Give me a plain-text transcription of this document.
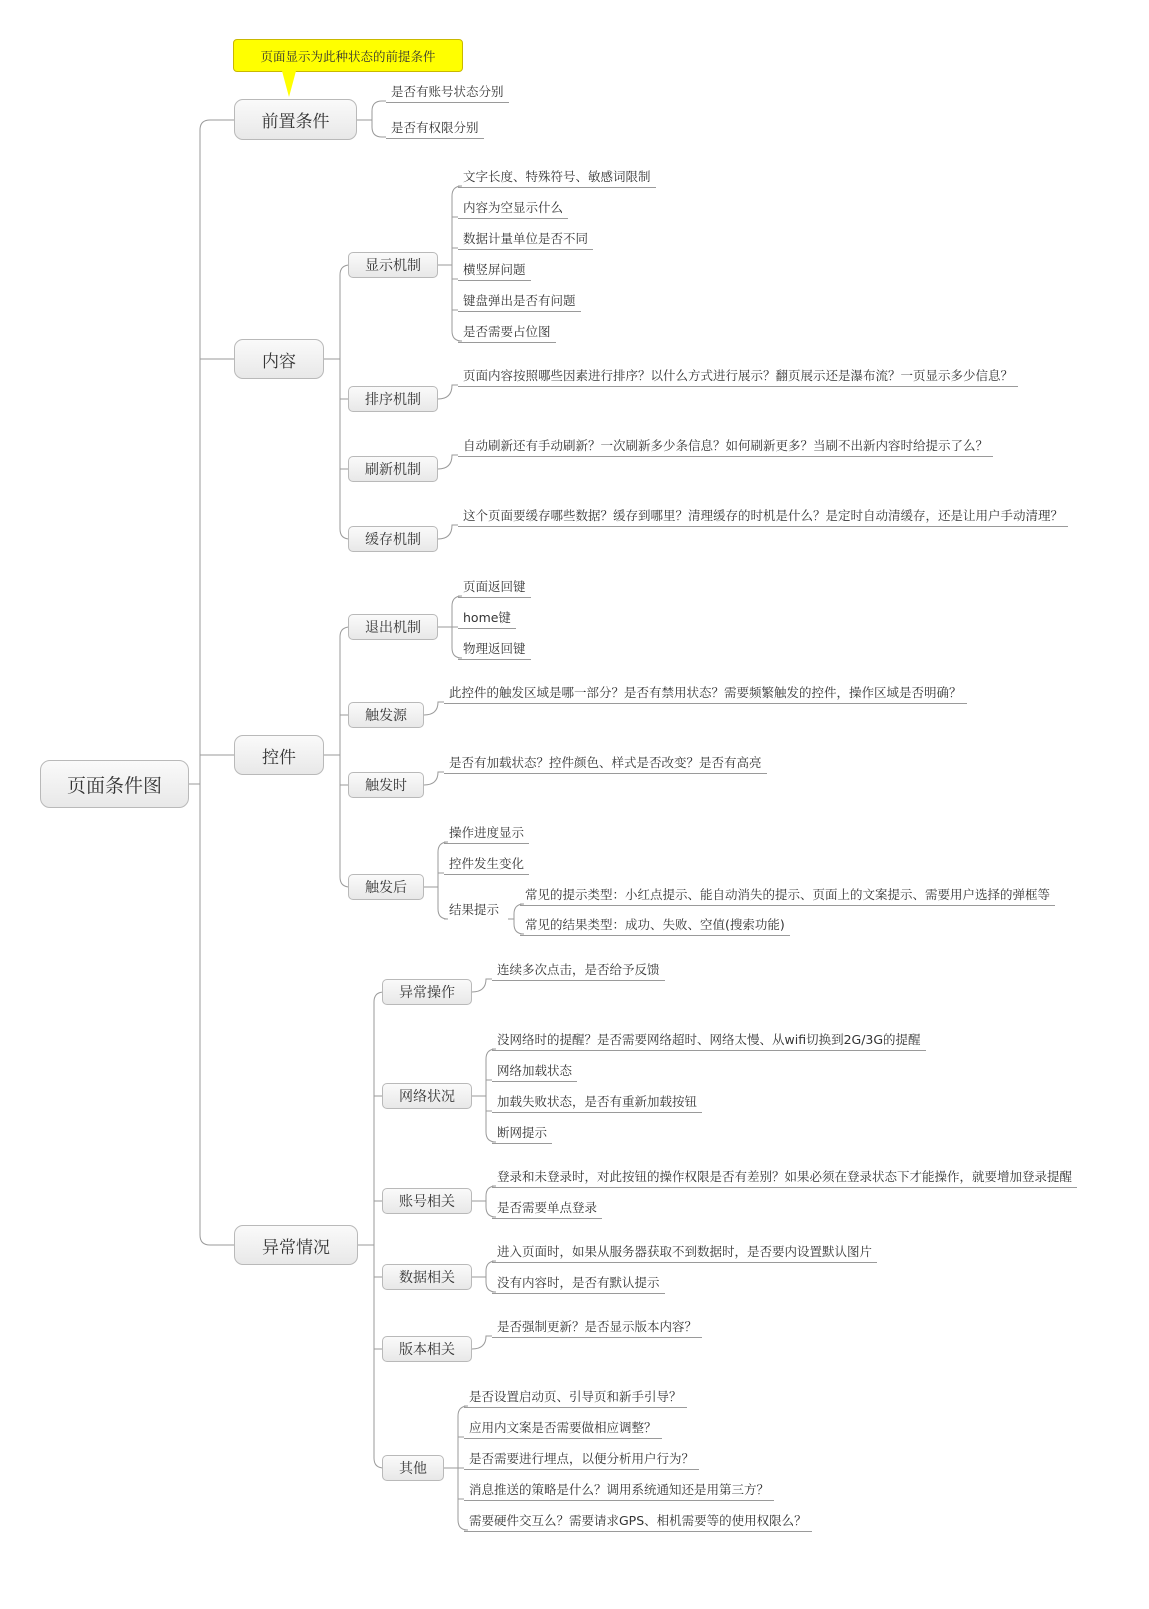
页面显示为此种状态的前提条件
页面条件图
前置条件
内容
控件
异常情况
是否有账号状态分别
是否有权限分别
显示机制
排序机制
刷新机制
缓存机制
文字长度、特殊符号、敏感词限制
内容为空显示什么
数据计量单位是否不同
横竖屏问题
键盘弹出是否有问题
是否需要占位图
页面内容按照哪些因素进行排序？以什么方式进行展示？翻页展示还是瀑布流？一页显示多少信息？
自动刷新还有手动刷新？一次刷新多少条信息？如何刷新更多？当刷不出新内容时给提示了么？
这个页面要缓存哪些数据？缓存到哪里？清理缓存的时机是什么？是定时自动清缓存，还是让用户手动清理？
退出机制
触发源
触发时
触发后
页面返回键
home键
物理返回键
此控件的触发区域是哪一部分？是否有禁用状态？需要频繁触发的控件，操作区域是否明确？
是否有加载状态？控件颜色、样式是否改变？是否有高亮
操作进度显示
控件发生变化
结果提示
常见的提示类型：小红点提示、能自动消失的提示、页面上的文案提示、需要用户选择的弹框等
常见的结果类型：成功、失败、空值(搜索功能)
异常操作
网络状况
账号相关
数据相关
版本相关
其他
连续多次点击，是否给予反馈
没网络时的提醒？是否需要网络超时、网络太慢、从wifi切换到2G/3G的提醒
网络加载状态
加载失败状态，是否有重新加载按钮
断网提示
登录和未登录时，对此按钮的操作权限是否有差别？如果必须在登录状态下才能操作，就要增加登录提醒
是否需要单点登录
进入页面时，如果从服务器获取不到数据时，是否要内设置默认图片
没有内容时，是否有默认提示
是否强制更新？是否显示版本内容？
是否设置启动页、引导页和新手引导？
应用内文案是否需要做相应调整？
是否需要进行埋点，以便分析用户行为？
消息推送的策略是什么？调用系统通知还是用第三方？
需要硬件交互么？需要请求GPS、相机需要等的使用权限么？
